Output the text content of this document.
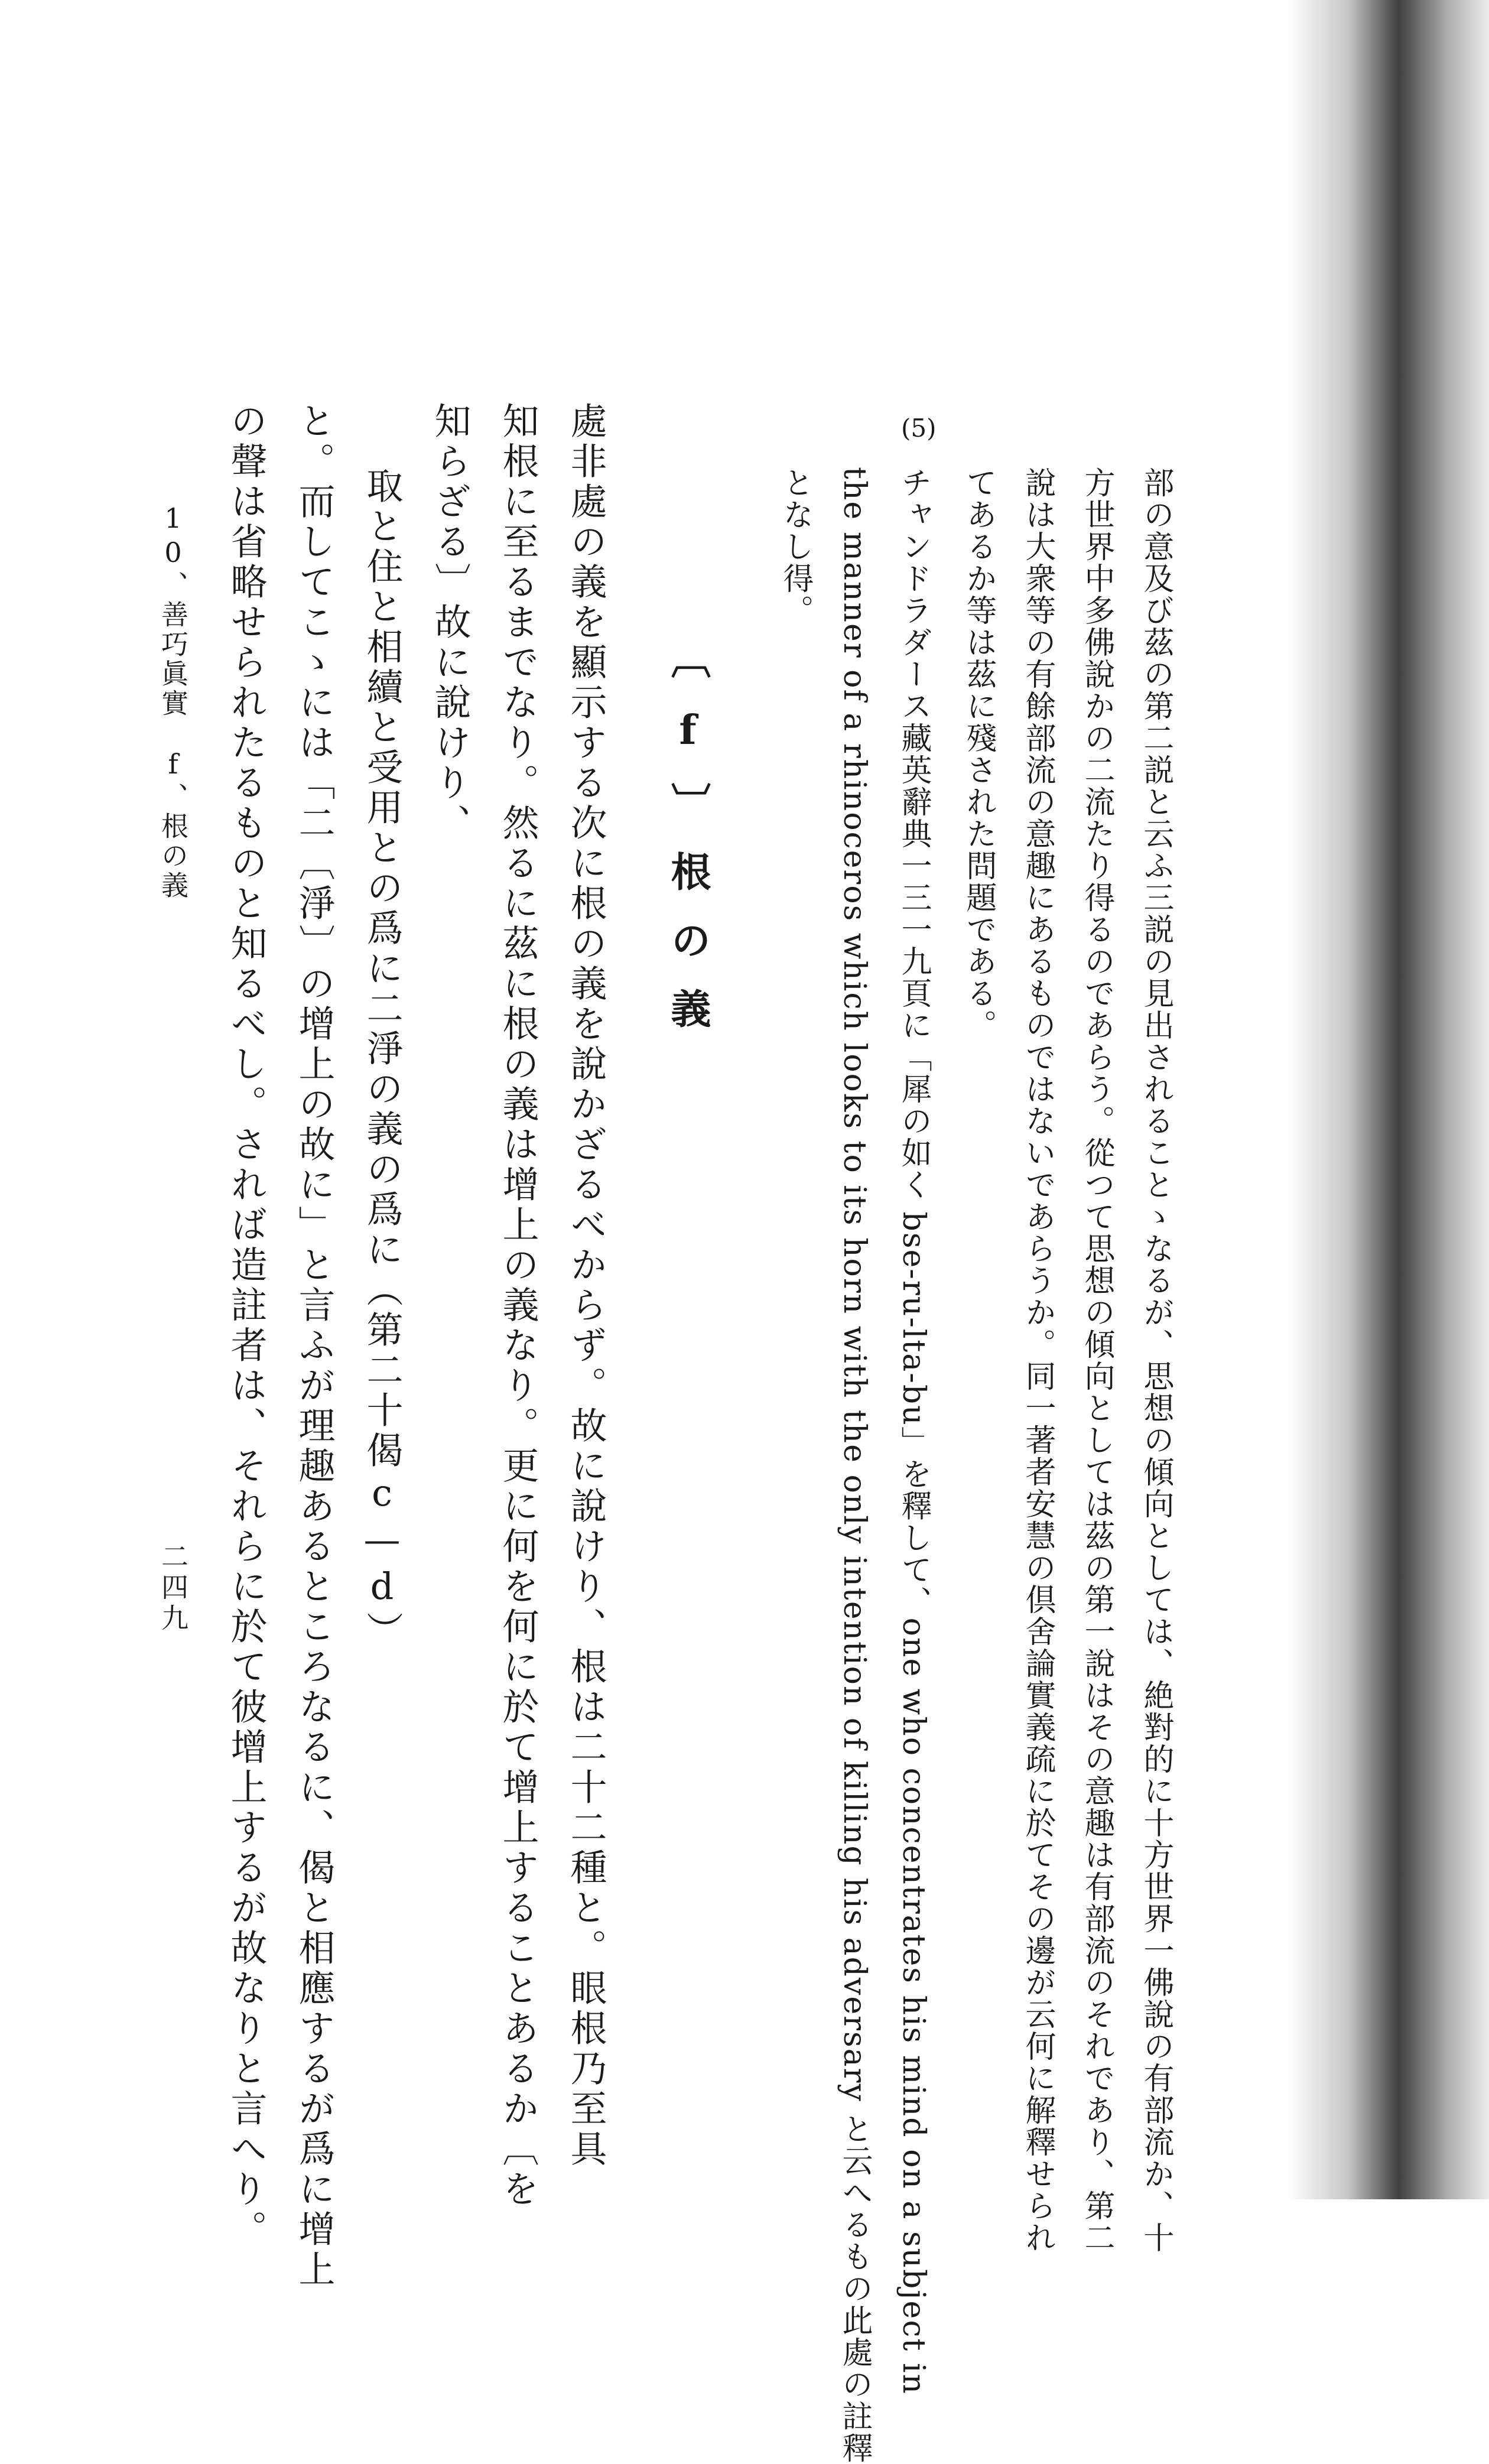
部の意及び茲の第二説と云ふ三説の見出されることゝなるが、思想の傾向としては、絶對的に十方世界一佛說の有部流か、十
方世界中多佛說かの二流たり得るのであらう。從つて思想の傾向としては茲の第一說はその意趣は有部流のそれであり、第二
說は大衆等の有餘部流の意趣にあるものではないであらうか。同一著者安慧の倶舍論實義疏に於てその邊が云何に解釋せられ
てあるか等は茲に殘された問題である。
(5)
チャンドラダース藏英辭典一三一九頁に「犀の如く bse-ru-lta-bu」を釋して、one who concentrates his mind on a subject in
the manner of a rhinoceros which looks to its horn with the only intention of killing his adversary と云へるもの此處の註釋
となし得。
〔f〕根の義
處非處の義を顯示する次に根の義を說かざるべからず。故に說けり、根は二十二種と。眼根乃至具
知根に至るまでなり。然るに茲に根の義は增上の義なり。更に何を何に於て增上することあるか〔を
知らざる〕故に說けり、
取と住と相續と受用との爲に二淨の義の爲に（第二十偈c—d）
と。而してこゝには「二〔淨〕の增上の故に」と言ふが理趣あるところなるに、偈と相應するが爲に增上
の聲は省略せられたるものと知るべし。されば造註者は、それらに於て彼增上するが故なりと言へり。
10、善巧眞實　f、根の義
二四九
